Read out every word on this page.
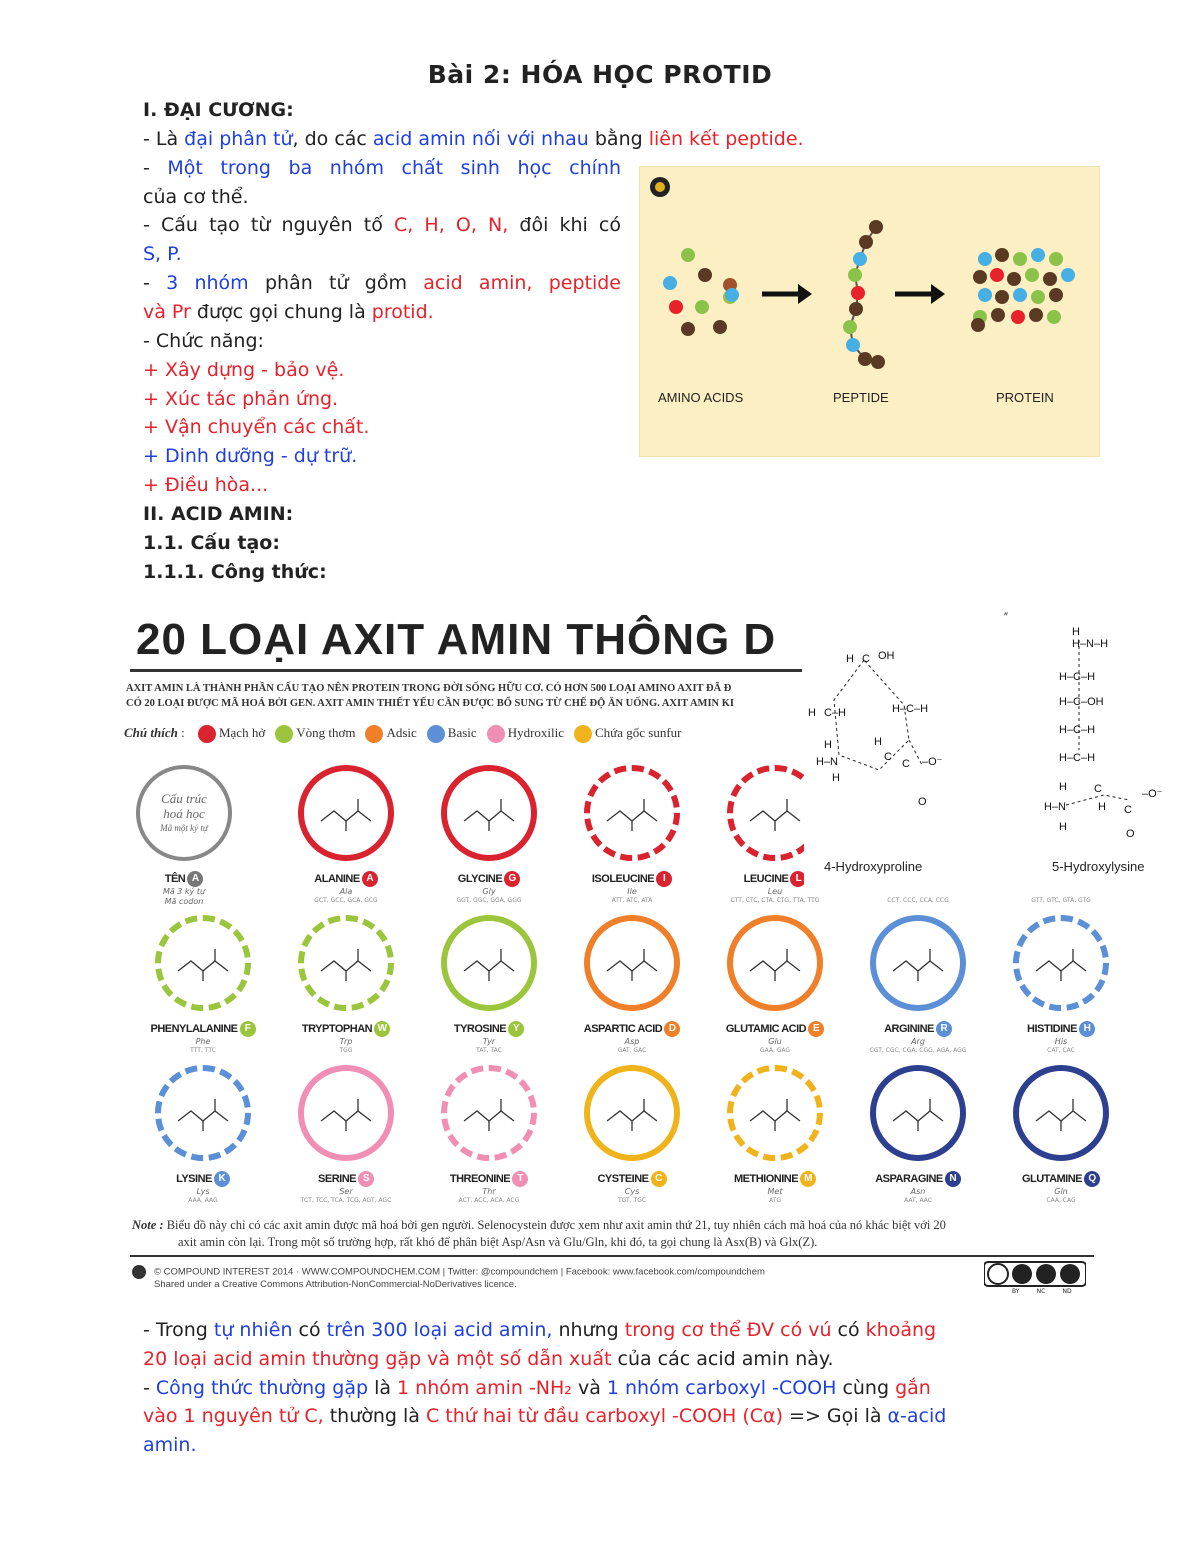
Bài 2: HÓA HỌC PROTID
I. ĐẠI CƯƠNG:
- Là đại phân tử, do các acid amin nối với nhau bằng liên kết peptide.
- Một trong ba nhóm chất sinh học chính
của cơ thể.
- Cấu tạo từ nguyên tố C, H, O, N, đôi khi có
S, P.
- 3 nhóm phân tử gồm acid amin, peptide
và Pr được gọi chung là protid.
- Chức năng:
+ Xây dựng - bảo vệ.
+ Xúc tác phản ứng.
+ Vận chuyển các chất.
+ Dinh dưỡng - dự trữ.
+ Điều hòa...
II. ACID AMIN:
1.1. Cấu tạo:
1.1.1. Công thức:
AMINO ACIDS	PEPTIDE	PROTEIN
20 LOẠI AXIT AMIN THÔNG D
AXIT AMIN LÀ THÀNH PHẦN CẤU TẠO NÊN PROTEIN TRONG ĐỜI SỐNG HỮU CƠ. CÓ HƠN 500 LOẠI AMINO AXIT ĐÃ Đ
CÓ 20 LOẠI ĐƯỢC MÃ HOÁ BỞI GEN. AXIT AMIN THIẾT YẾU CẦN ĐƯỢC BỔ SUNG TỪ CHẾ ĐỘ ĂN UỐNG. AXIT AMIN KI
Chú thích : Mạch hở Vòng thơm Adsic Basic Hydroxilic Chứa gốc sunfur
Cấu trúc
hoá học
Mã một ký tự
TÊN A
Mã 3 ký tự
Mã codon
ALANINE A
Ala
GCT, GCC, GCA, GCG
GLYCINE G
Gly
GGT, GGC, GGA, GGG
ISOLEUCINE I
Ile
ATT, ATC, ATA
LEUCINE L
Leu
CTT, CTC, CTA, CTG, TTA, TTG
PHENYLALANINE F
Phe
TTT, TTC
TRYPTOPHAN W
Trp
TGG
TYROSINE Y
Tyr
TAT, TAC
ASPARTIC ACID D
Asp
GAT, GAC
GLUTAMIC ACID E
Glu
GAA, GAG
ARGININE R
Arg
CGT, CGC, CGA, CGG, AGA, AGG
HISTIDINE H
His
CAT, CAC
LYSINE K
Lys
AAA, AAG
SERINE S
Ser
TCT, TCC, TCA, TCG, AGT, AGC
THREONINE T
Thr
ACT, ACC, ACA, ACG
CYSTEINE C
Cys
TGT, TGC
METHIONINE M
Met
ATG
ASPARAGINE N
Asn
AAT, AAC
GLUTAMINE Q
Gln
CAA, CAG
CCT, CCC, CCA, CCG	GTT, GTC, GTA, GTG
Note : Biểu đồ này chỉ có các axit amin được mã hoá bởi gen người. Selenocystein được xem như axit amin thứ 21, tuy nhiên cách mã hoá của nó khác biệt với 20
axit amin còn lại. Trong một số trường hợp, rất khó để phân biệt Asp/Asn và Glu/Gln, khi đó, ta gọi chung là Asx(B) và Glx(Z).
© COMPOUND INTEREST 2014 · WWW.COMPOUNDCHEM.COM | Twitter: @compoundchem | Facebook: www.facebook.com/compoundchem
Shared under a Creative Commons Attribution-NonCommercial-NoDerivatives licence.
BY	NC	ND
H C OH
H C–H	H–C–H
H
H–N
H
H
C
C –O⁻
O
″
H
H–N–H
H–C–H
H–C–OH
H–C–H
H–C–H
H
H–N
H
C
H C
–O⁻
O
4-Hydroxyproline	5-Hydroxylysine
- Trong tự nhiên có trên 300 loại acid amin, nhưng trong cơ thể ĐV có vú có khoảng
20 loại acid amin thường gặp và một số dẫn xuất của các acid amin này.
- Công thức thường gặp là 1 nhóm amin -NH₂ và 1 nhóm carboxyl -COOH cùng gắn
vào 1 nguyên tử C, thường là C thứ hai từ đầu carboxyl -COOH (Cα) => Gọi là α-acid
amin.
